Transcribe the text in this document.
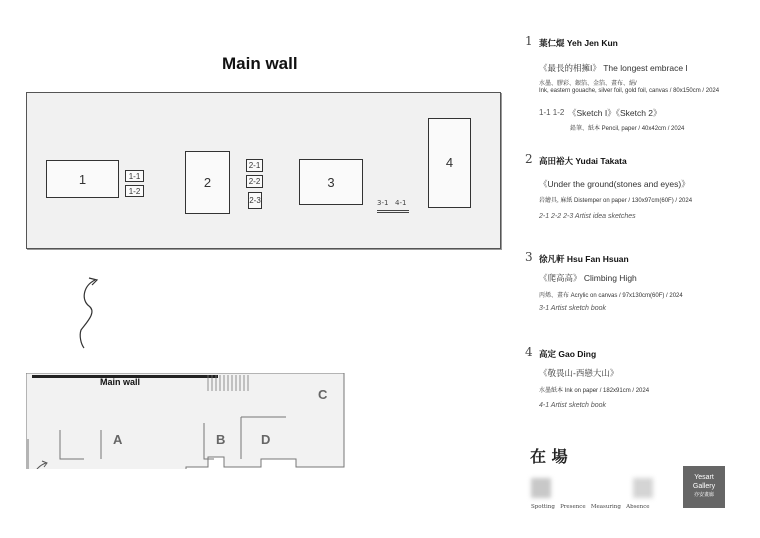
Main wall
1	1-1
1-2
2
2-1
2-2
2-3
3
3-1 4-1
4
Main wall
A	B
C
D
1 葉仁焜 Yeh Jen Kun
《最長的相擁I》 The longest embrace I
水墨、膠彩、銀箔、金箔、畫布、絹/
Ink, eastern gouache, silver foil, gold foil, canvas / 80x150cm / 2024
1-1 1-2 《Sketch I》《Sketch 2》
鉛筆、紙本 Pencil, paper / 40x42cm / 2024
2 高田裕大 Yudai Takata
《Under the ground(stones and eyes)》
岩繪具, 麻紙 Distemper on paper / 130x97cm(60F) / 2024
2-1 2-2 2-3 Artist idea sketches
3 徐凡軒 Hsu Fan Hsuan
《爬高高》 Climbing High
丙烯、畫布 Acrylic on canvas / 97x130cm(60F) / 2024
3-1 Artist sketch book
4 高定 Gao Ding
《敬畏山-西戀大山》
水墨紙本 Ink on paper / 182x91cm / 2024
4-1 Artist sketch book
在 場
Spotting   Presence   Measuring   Absence
Yesart
Gallery
亦安畫廊
